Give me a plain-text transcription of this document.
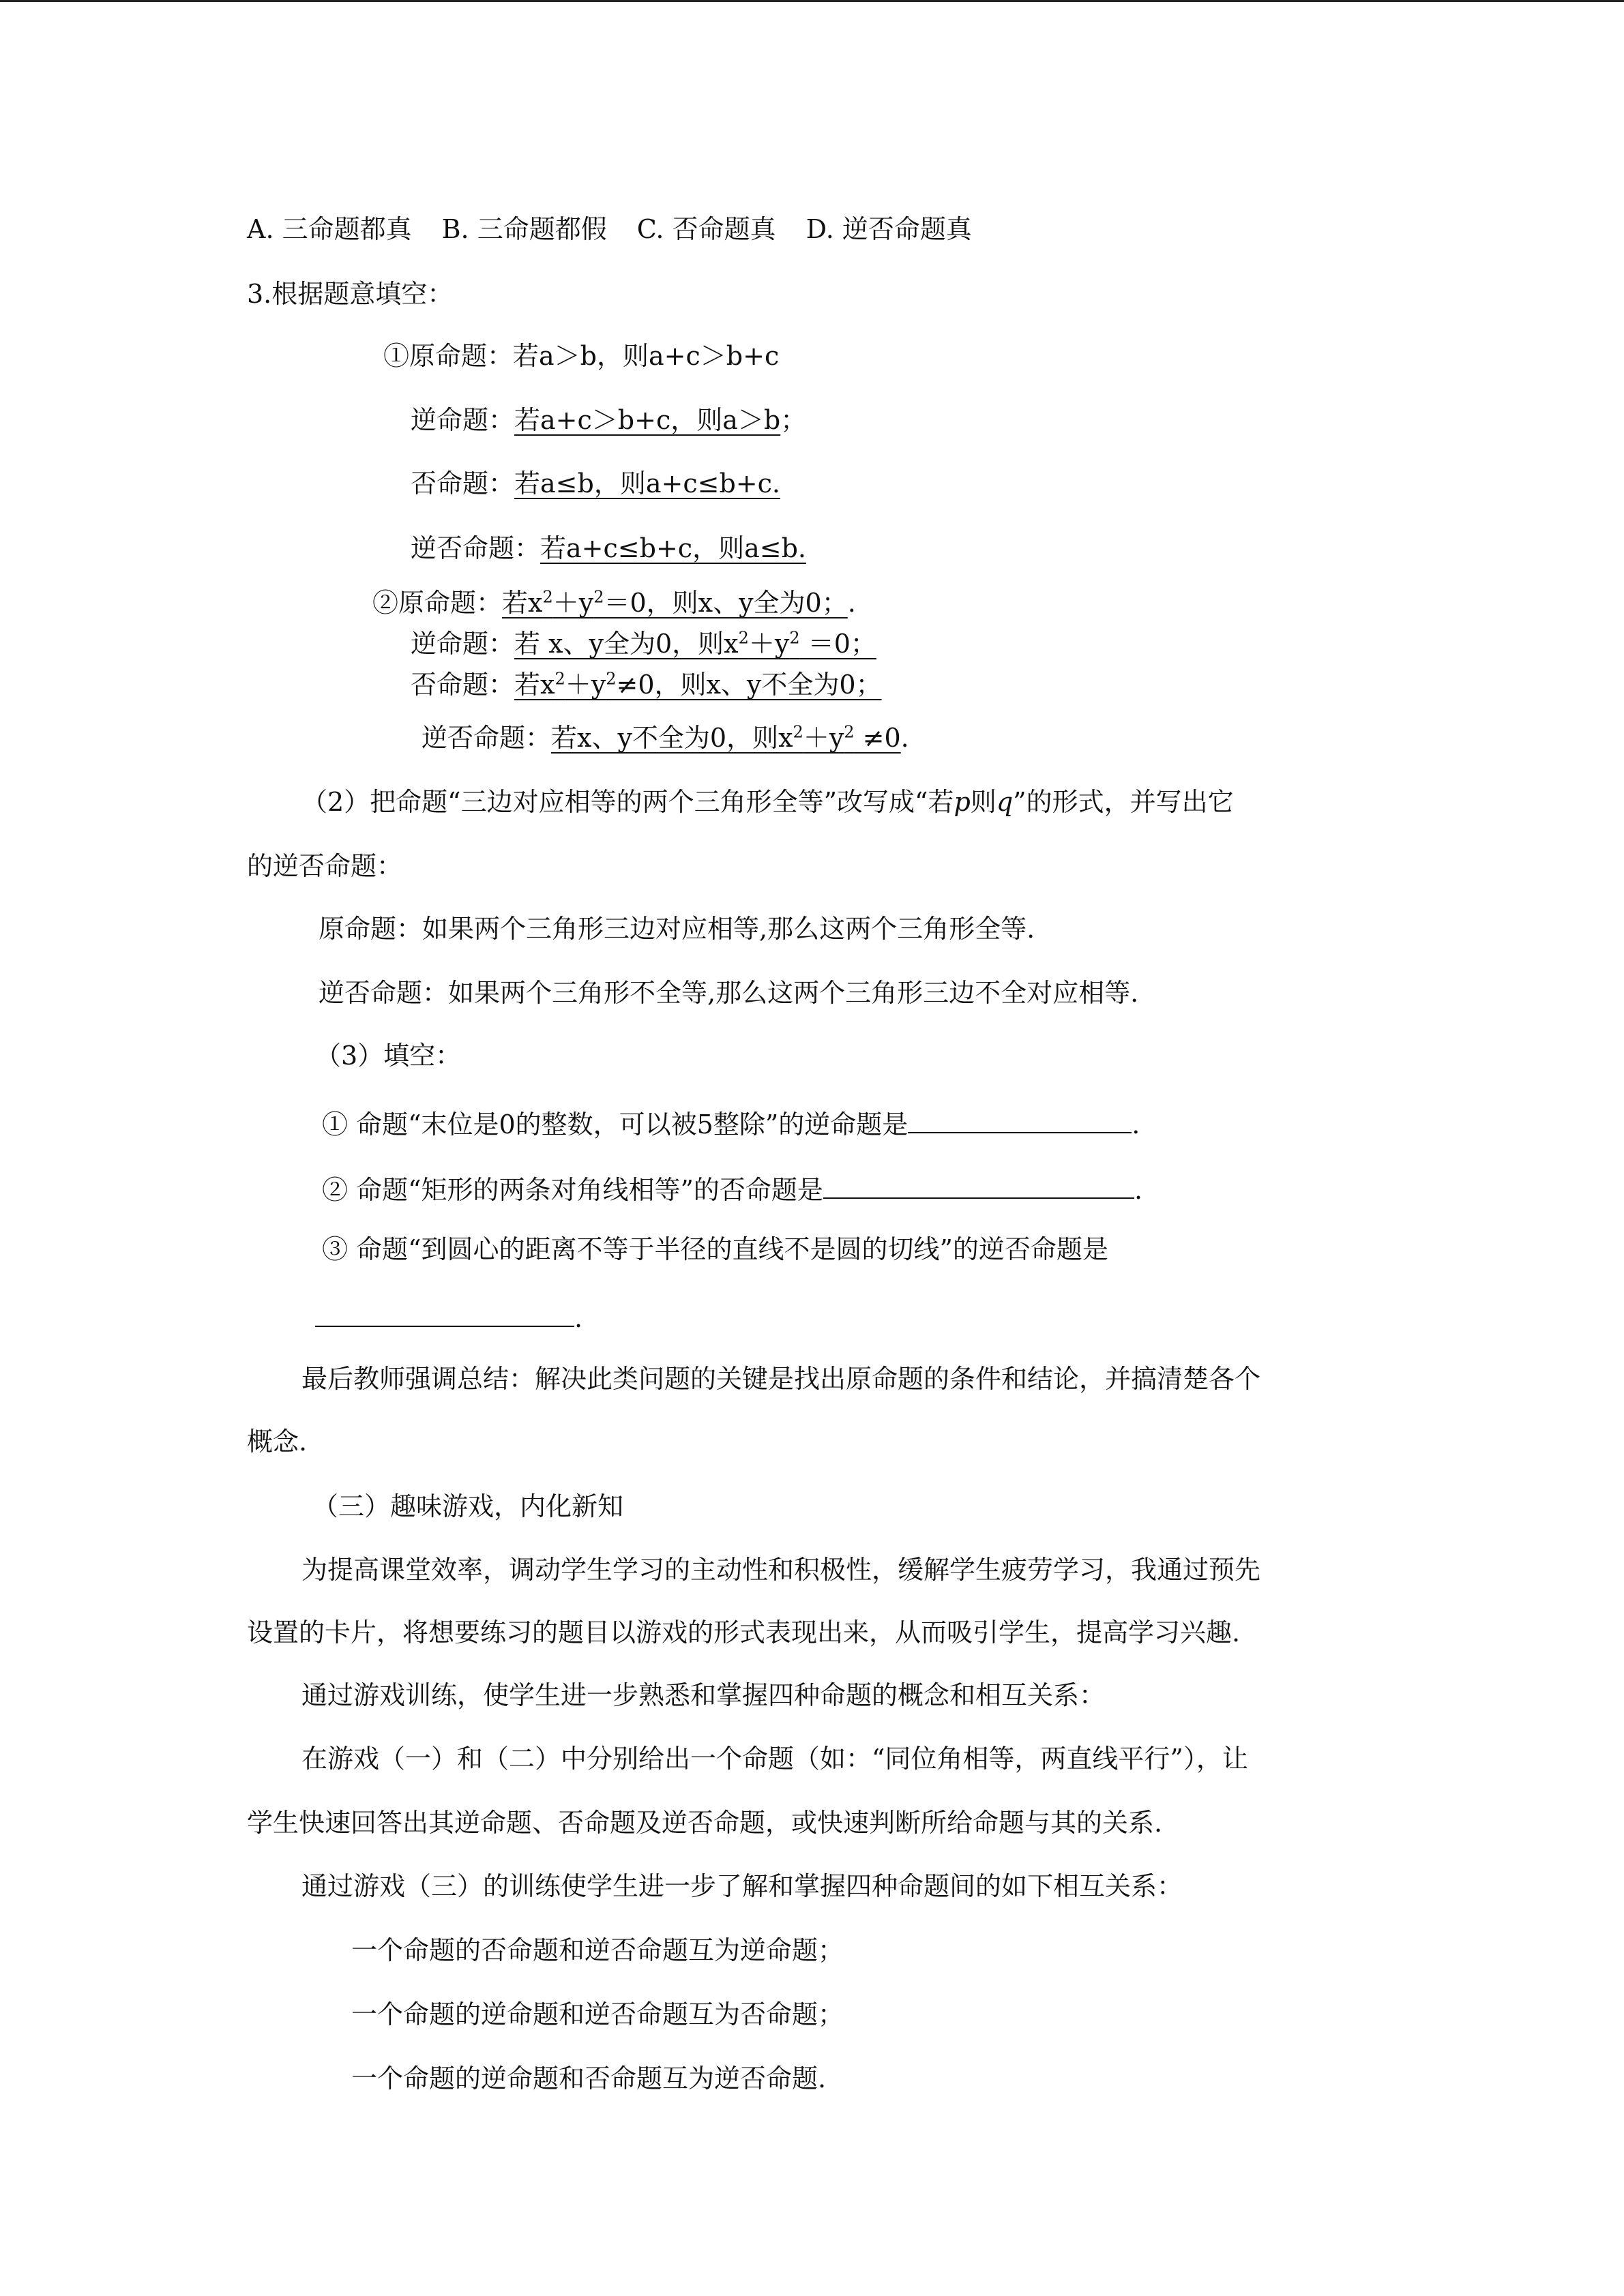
A. 三命题都真 B. 三命题都假 C. 否命题真 D. 逆否命题真
3.根据题意填空：
①原命题：若a＞b，则a+c＞b+c
逆命题：若a+c＞b+c，则a＞b；
否命题：若a≤b，则a+c≤b+c.
逆否命题：若a+c≤b+c，则a≤b.
②原命题：若$x^2+y^2=0$，则x、y全为0；.
逆命题：若 x、y全为0，则$x^2+y^2 =0$；
否命题：若$x^2+y^2\ne 0$，则x、y不全为0；
逆否命题：若x、y不全为0，则$x^2+y^2 \ne 0$.
（2）把命题“三边对应相等的两个三角形全等”改写成“若p则q”的形式，并写出它
的逆否命题：
原命题：如果两个三角形三边对应相等,那么这两个三角形全等.
逆否命题：如果两个三角形不全等,那么这两个三角形三边不全对应相等.
（3）填空：
① 命题“末位是0的整数，可以被5整除”的逆命题是	.
② 命题“矩形的两条对角线相等”的否命题是	.
③ 命题“到圆心的距离不等于半径的直线不是圆的切线”的逆否命题是
.
最后教师强调总结：解决此类问题的关键是找出原命题的条件和结论，并搞清楚各个
概念.
（三）趣味游戏，内化新知
为提高课堂效率，调动学生学习的主动性和积极性，缓解学生疲劳学习，我通过预先
设置的卡片，将想要练习的题目以游戏的形式表现出来，从而吸引学生，提高学习兴趣.
通过游戏训练，使学生进一步熟悉和掌握四种命题的概念和相互关系：
在游戏（一）和（二）中分别给出一个命题（如：“同位角相等，两直线平行”），让
学生快速回答出其逆命题、否命题及逆否命题，或快速判断所给命题与其的关系.
通过游戏（三）的训练使学生进一步了解和掌握四种命题间的如下相互关系：
一个命题的否命题和逆否命题互为逆命题；
一个命题的逆命题和逆否命题互为否命题；
一个命题的逆命题和否命题互为逆否命题.
